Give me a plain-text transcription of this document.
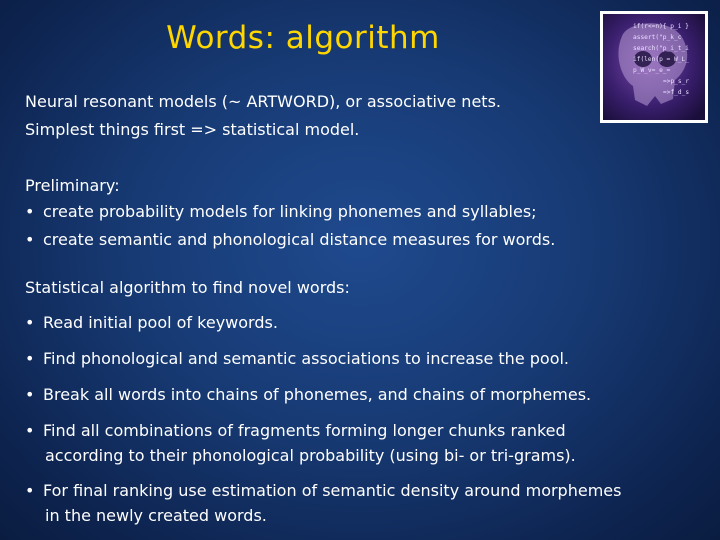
Words: algorithm	if(r<=n){ p_i }
assert("p_k_c
search("p_i_t_i
if(len(p = W_L_
p_W_v=_e_=
=>p_s_r
=>f_d_s
Neural resonant models (~ ARTWORD), or associative nets.
Simplest things first => statistical model.
Preliminary:
• create probability models for linking phonemes and syllables;
• create semantic and phonological distance measures for words.
Statistical algorithm to find novel words:
• Read initial pool of keywords.
• Find phonological and semantic associations to increase the pool.
• Break all words into chains of phonemes, and chains of morphemes.
• Find all combinations of fragments forming longer chunks ranked
according to their phonological probability (using bi- or tri-grams).
• For final ranking use estimation of semantic density around morphemes
in the newly created words.
